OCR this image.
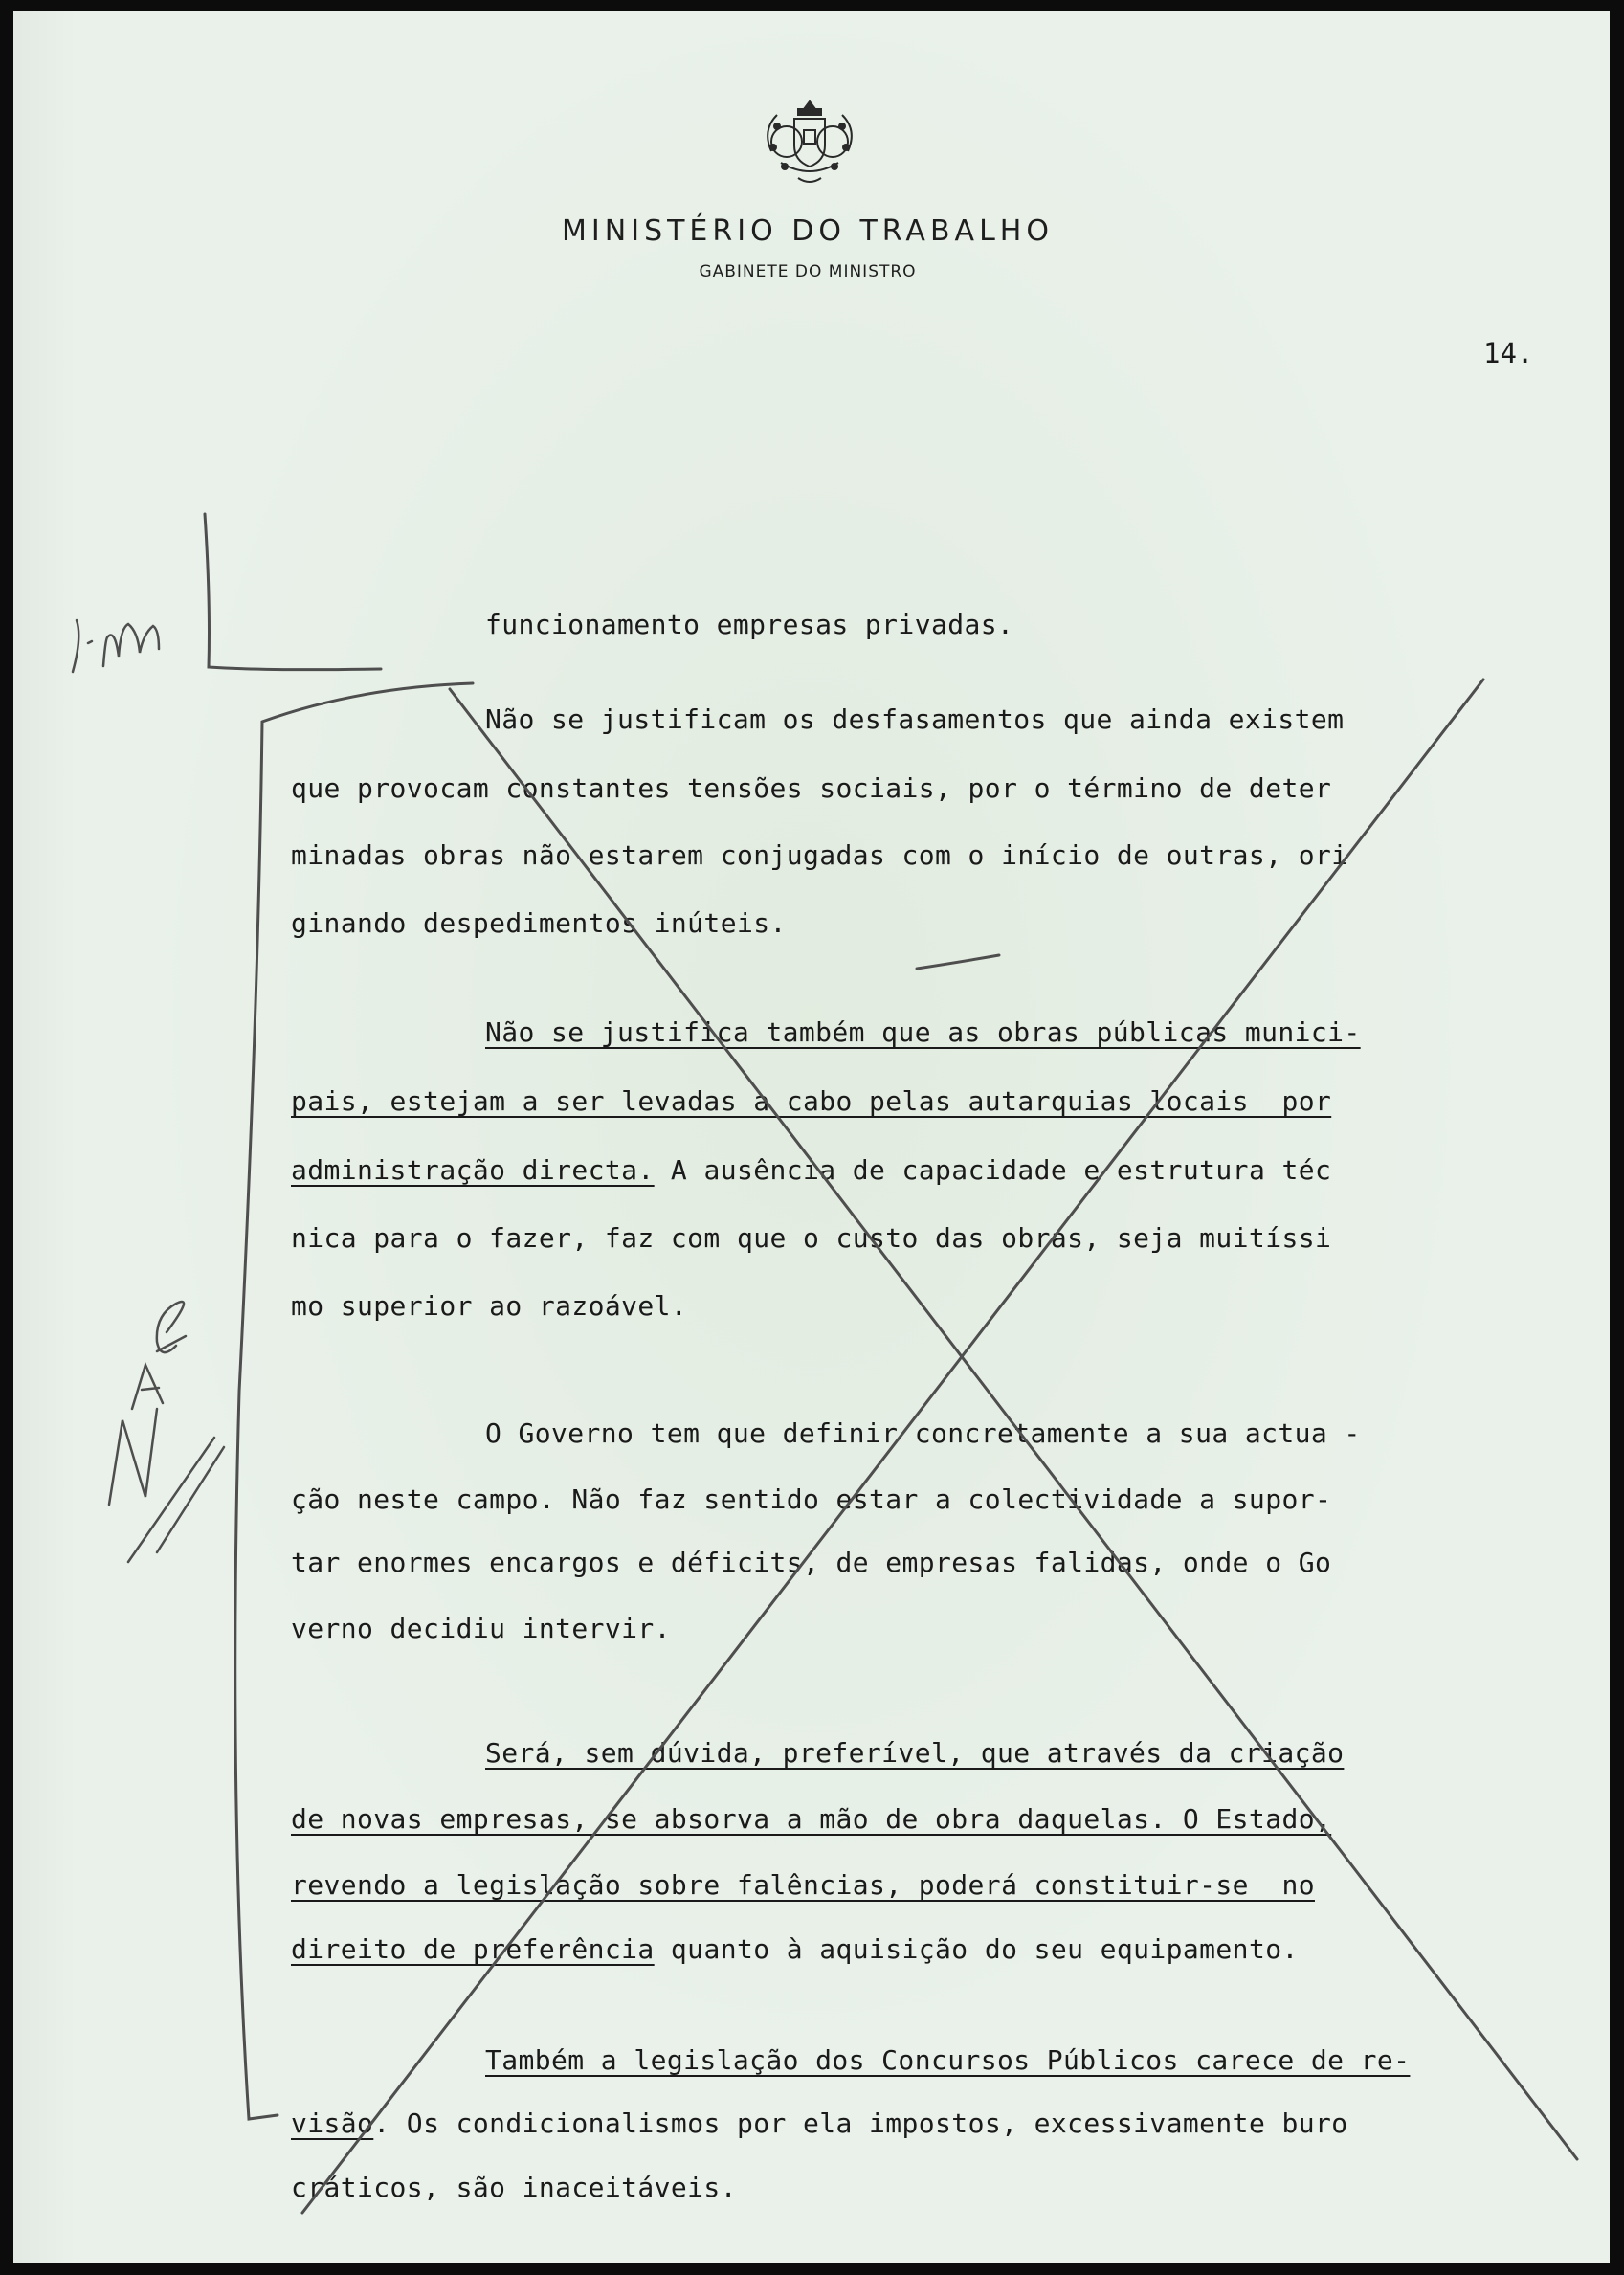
MINISTÉRIO DO TRABALHO
GABINETE DO MINISTRO
14.
funcionamento empresas privadas.
Não se justificam os desfasamentos que ainda existem
que provocam constantes tensões sociais, por o término de deter
minadas obras não estarem conjugadas com o início de outras, ori
ginando despedimentos inúteis.
Não se justifica também que as obras públicas munici-
pais, estejam a ser levadas a cabo pelas autarquias locais  por
administração directa. A ausência de capacidade e estrutura téc
nica para o fazer, faz com que o custo das obras, seja muitíssi
mo superior ao razoável.
O Governo tem que definir concretamente a sua actua -
ção neste campo. Não faz sentido estar a colectividade a supor-
tar enormes encargos e déficits, de empresas falidas, onde o Go
verno decidiu intervir.
Será, sem dúvida, preferível, que através da criação
de novas empresas, se absorva a mão de obra daquelas. O Estado,
revendo a legislação sobre falências, poderá constituir-se  no
direito de preferência quanto à aquisição do seu equipamento.
Também a legislação dos Concursos Públicos carece de re-
visão. Os condicionalismos por ela impostos, excessivamente buro
cráticos, são inaceitáveis.
